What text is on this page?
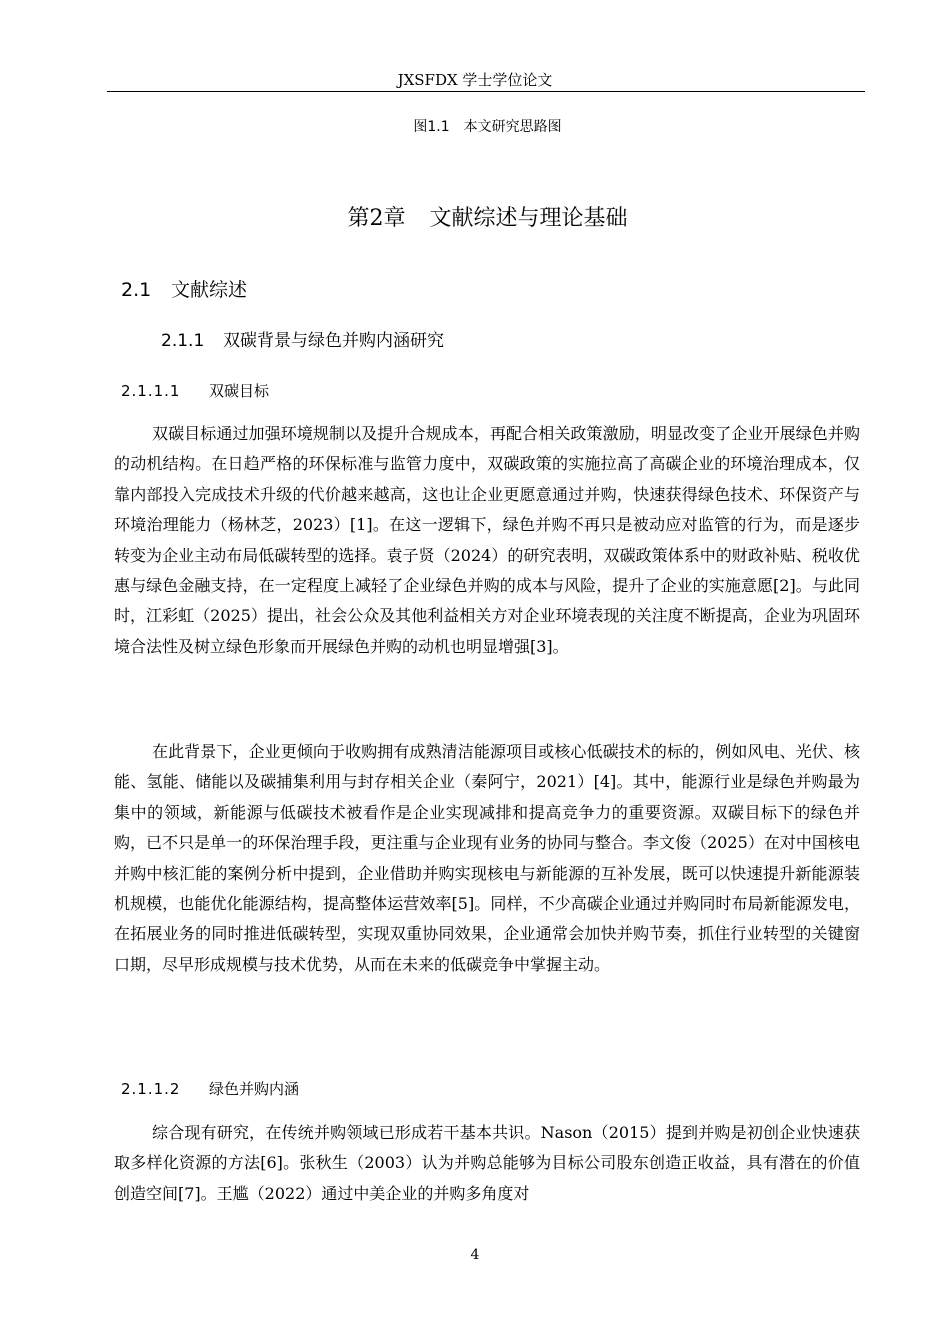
JXSFDX 学士学位论文
图1.1　本文研究思路图
第2章 文献综述与理论基础
2.1 文献综述
2.1.1 双碳背景与绿色并购内涵研究
2.1.1.1 双碳目标

双碳目标通过加强环境规制以及提升合规成本，再配合相关政策激励，明显改变了企业开展绿色并购的动机结构。在日趋严格的环保标准与监管力度中，双碳政策的实施拉高了高碳企业的环境治理成本，仅靠内部投入完成技术升级的代价越来越高，这也让企业更愿意通过并购，快速获得绿色技术、环保资产与环境治理能力（杨林芝，2023）[1]。在这一逻辑下，绿色并购不再只是被动应对监管的行为，而是逐步转变为企业主动布局低碳转型的选择。袁子贤（2024）的研究表明，双碳政策体系中的财政补贴、税收优惠与绿色金融支持，在一定程度上减轻了企业绿色并购的成本与风险，提升了企业的实施意愿[2]。与此同时，江彩虹（2025）提出，社会公众及其他利益相关方对企业环境表现的关注度不断提高，企业为巩固环境合法性及树立绿色形象而开展绿色并购的动机也明显增强[3]。

在此背景下，企业更倾向于收购拥有成熟清洁能源项目或核心低碳技术的标的，例如风电、光伏、核能、氢能、储能以及碳捕集利用与封存相关企业（秦阿宁，2021）[4]。其中，能源行业是绿色并购最为集中的领域，新能源与低碳技术被看作是企业实现减排和提高竞争力的重要资源。双碳目标下的绿色并购，已不只是单一的环保治理手段，更注重与企业现有业务的协同与整合。李文俊（2025）在对中国核电并购中核汇能的案例分析中提到，企业借助并购实现核电与新能源的互补发展，既可以快速提升新能源装机规模，也能优化能源结构，提高整体运营效率[5]。同样，不少高碳企业通过并购同时布局新能源发电，在拓展业务的同时推进低碳转型，实现双重协同效果，企业通常会加快并购节奏，抓住行业转型的关键窗口期，尽早形成规模与技术优势，从而在未来的低碳竞争中掌握主动。

2.1.1.2 绿色并购内涵

综合现有研究，在传统并购领域已形成若干基本共识。Nason（2015）提到并购是初创企业快速获取多样化资源的方法[6]。张秋生（2003）认为并购总能够为目标公司股东创造正收益，具有潜在的价值创造空间[7]。王尴（2022）通过中美企业的并购多角度对

4
